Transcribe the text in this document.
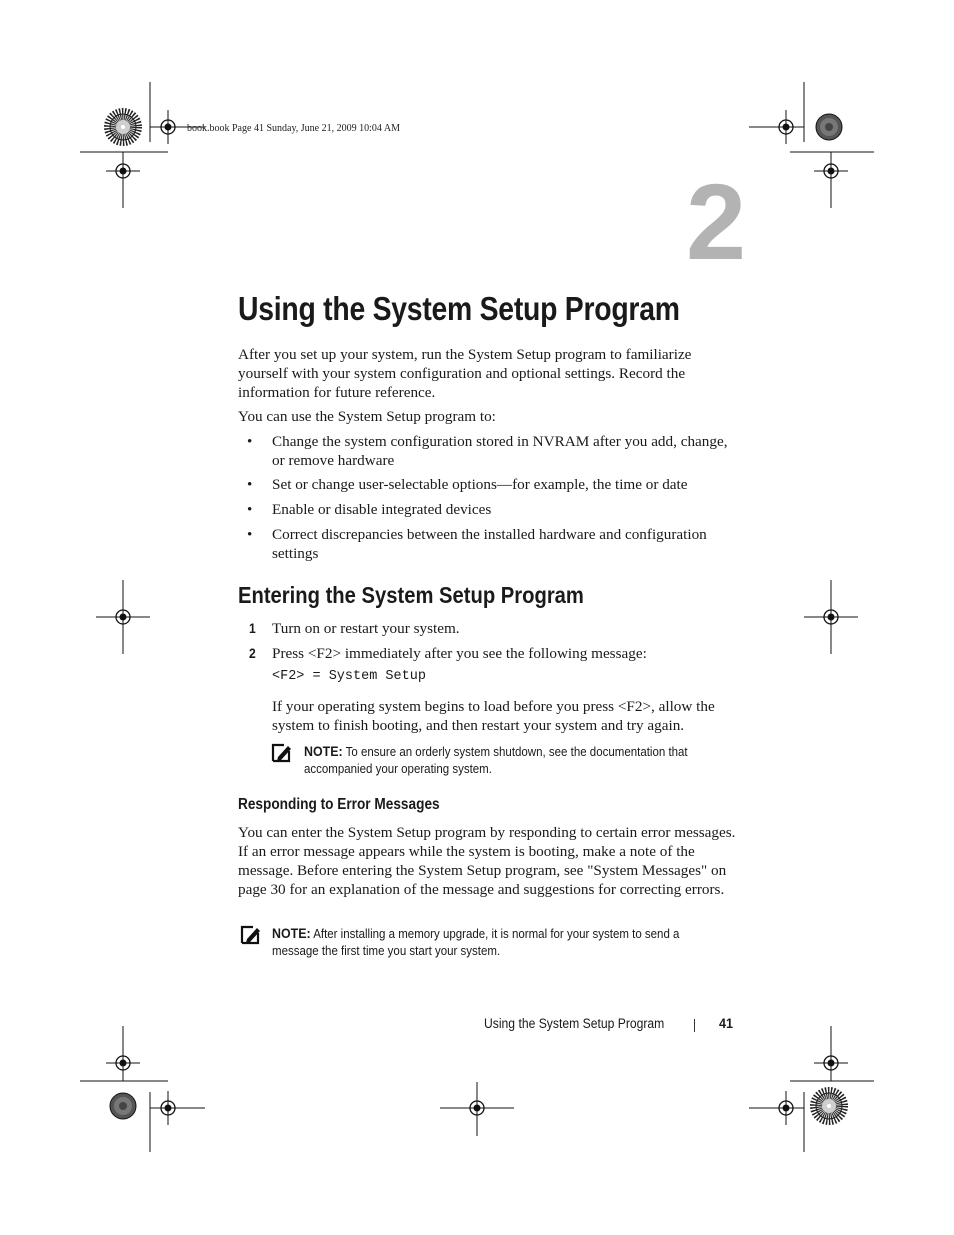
book.book Page 41 Sunday, June 21, 2009 10:04 AM
2
Using the System Setup Program
After you set up your system, run the System Setup program to familiarize yourself with your system configuration and optional settings. Record the information for future reference.
You can use the System Setup program to:
• Change the system configuration stored in NVRAM after you add, change, or remove hardware
• Set or change user-selectable options—for example, the time or date
• Enable or disable integrated devices
• Correct discrepancies between the installed hardware and configuration settings
Entering the System Setup Program
1 Turn on or restart your system.
2 Press <F2> immediately after you see the following message:
<F2> = System Setup
If your operating system begins to load before you press <F2>, allow the system to finish booting, and then restart your system and try again.
NOTE: To ensure an orderly system shutdown, see the documentation that accompanied your operating system.
Responding to Error Messages
You can enter the System Setup program by responding to certain error messages. If an error message appears while the system is booting, make a note of the message. Before entering the System Setup program, see "System Messages" on page 30 for an explanation of the message and suggestions for correcting errors.
NOTE: After installing a memory upgrade, it is normal for your system to send a message the first time you start your system.
Using the System Setup Program	41
